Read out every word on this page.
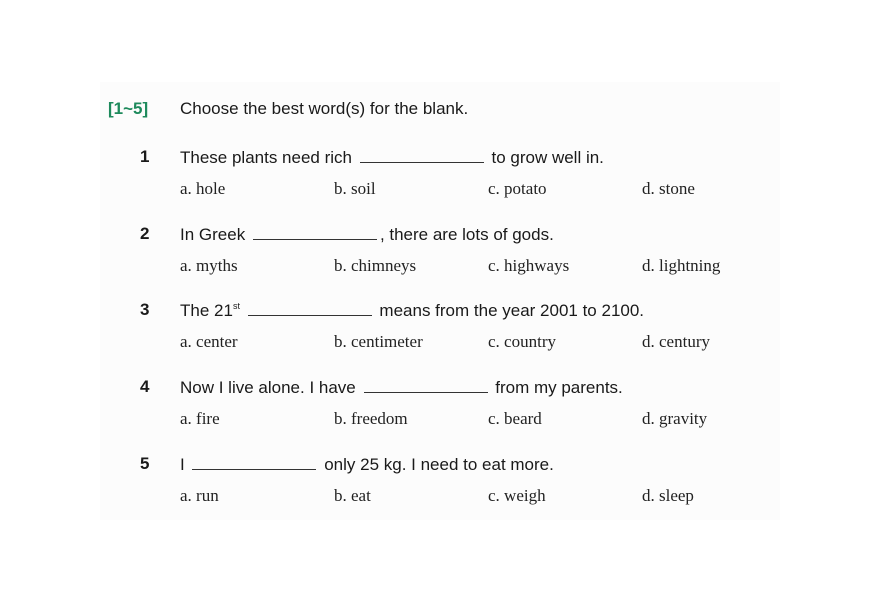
[1~5] Choose the best word(s) for the blank.
1 These plants need rich	to grow well in.
a. hole	b. soil	c. potato	d. stone
2 In Greek	, there are lots of gods.
a. myths	b. chimneys	c. highways	d. lightning
3 The 21st	means from the year 2001 to 2100.
a. center	b. centimeter	c. country	d. century
4 Now I live alone. I have	from my parents.
a. fire	b. freedom	c. beard	d. gravity
5 I	only 25 kg. I need to eat more.
a. run	b. eat	c. weigh	d. sleep
